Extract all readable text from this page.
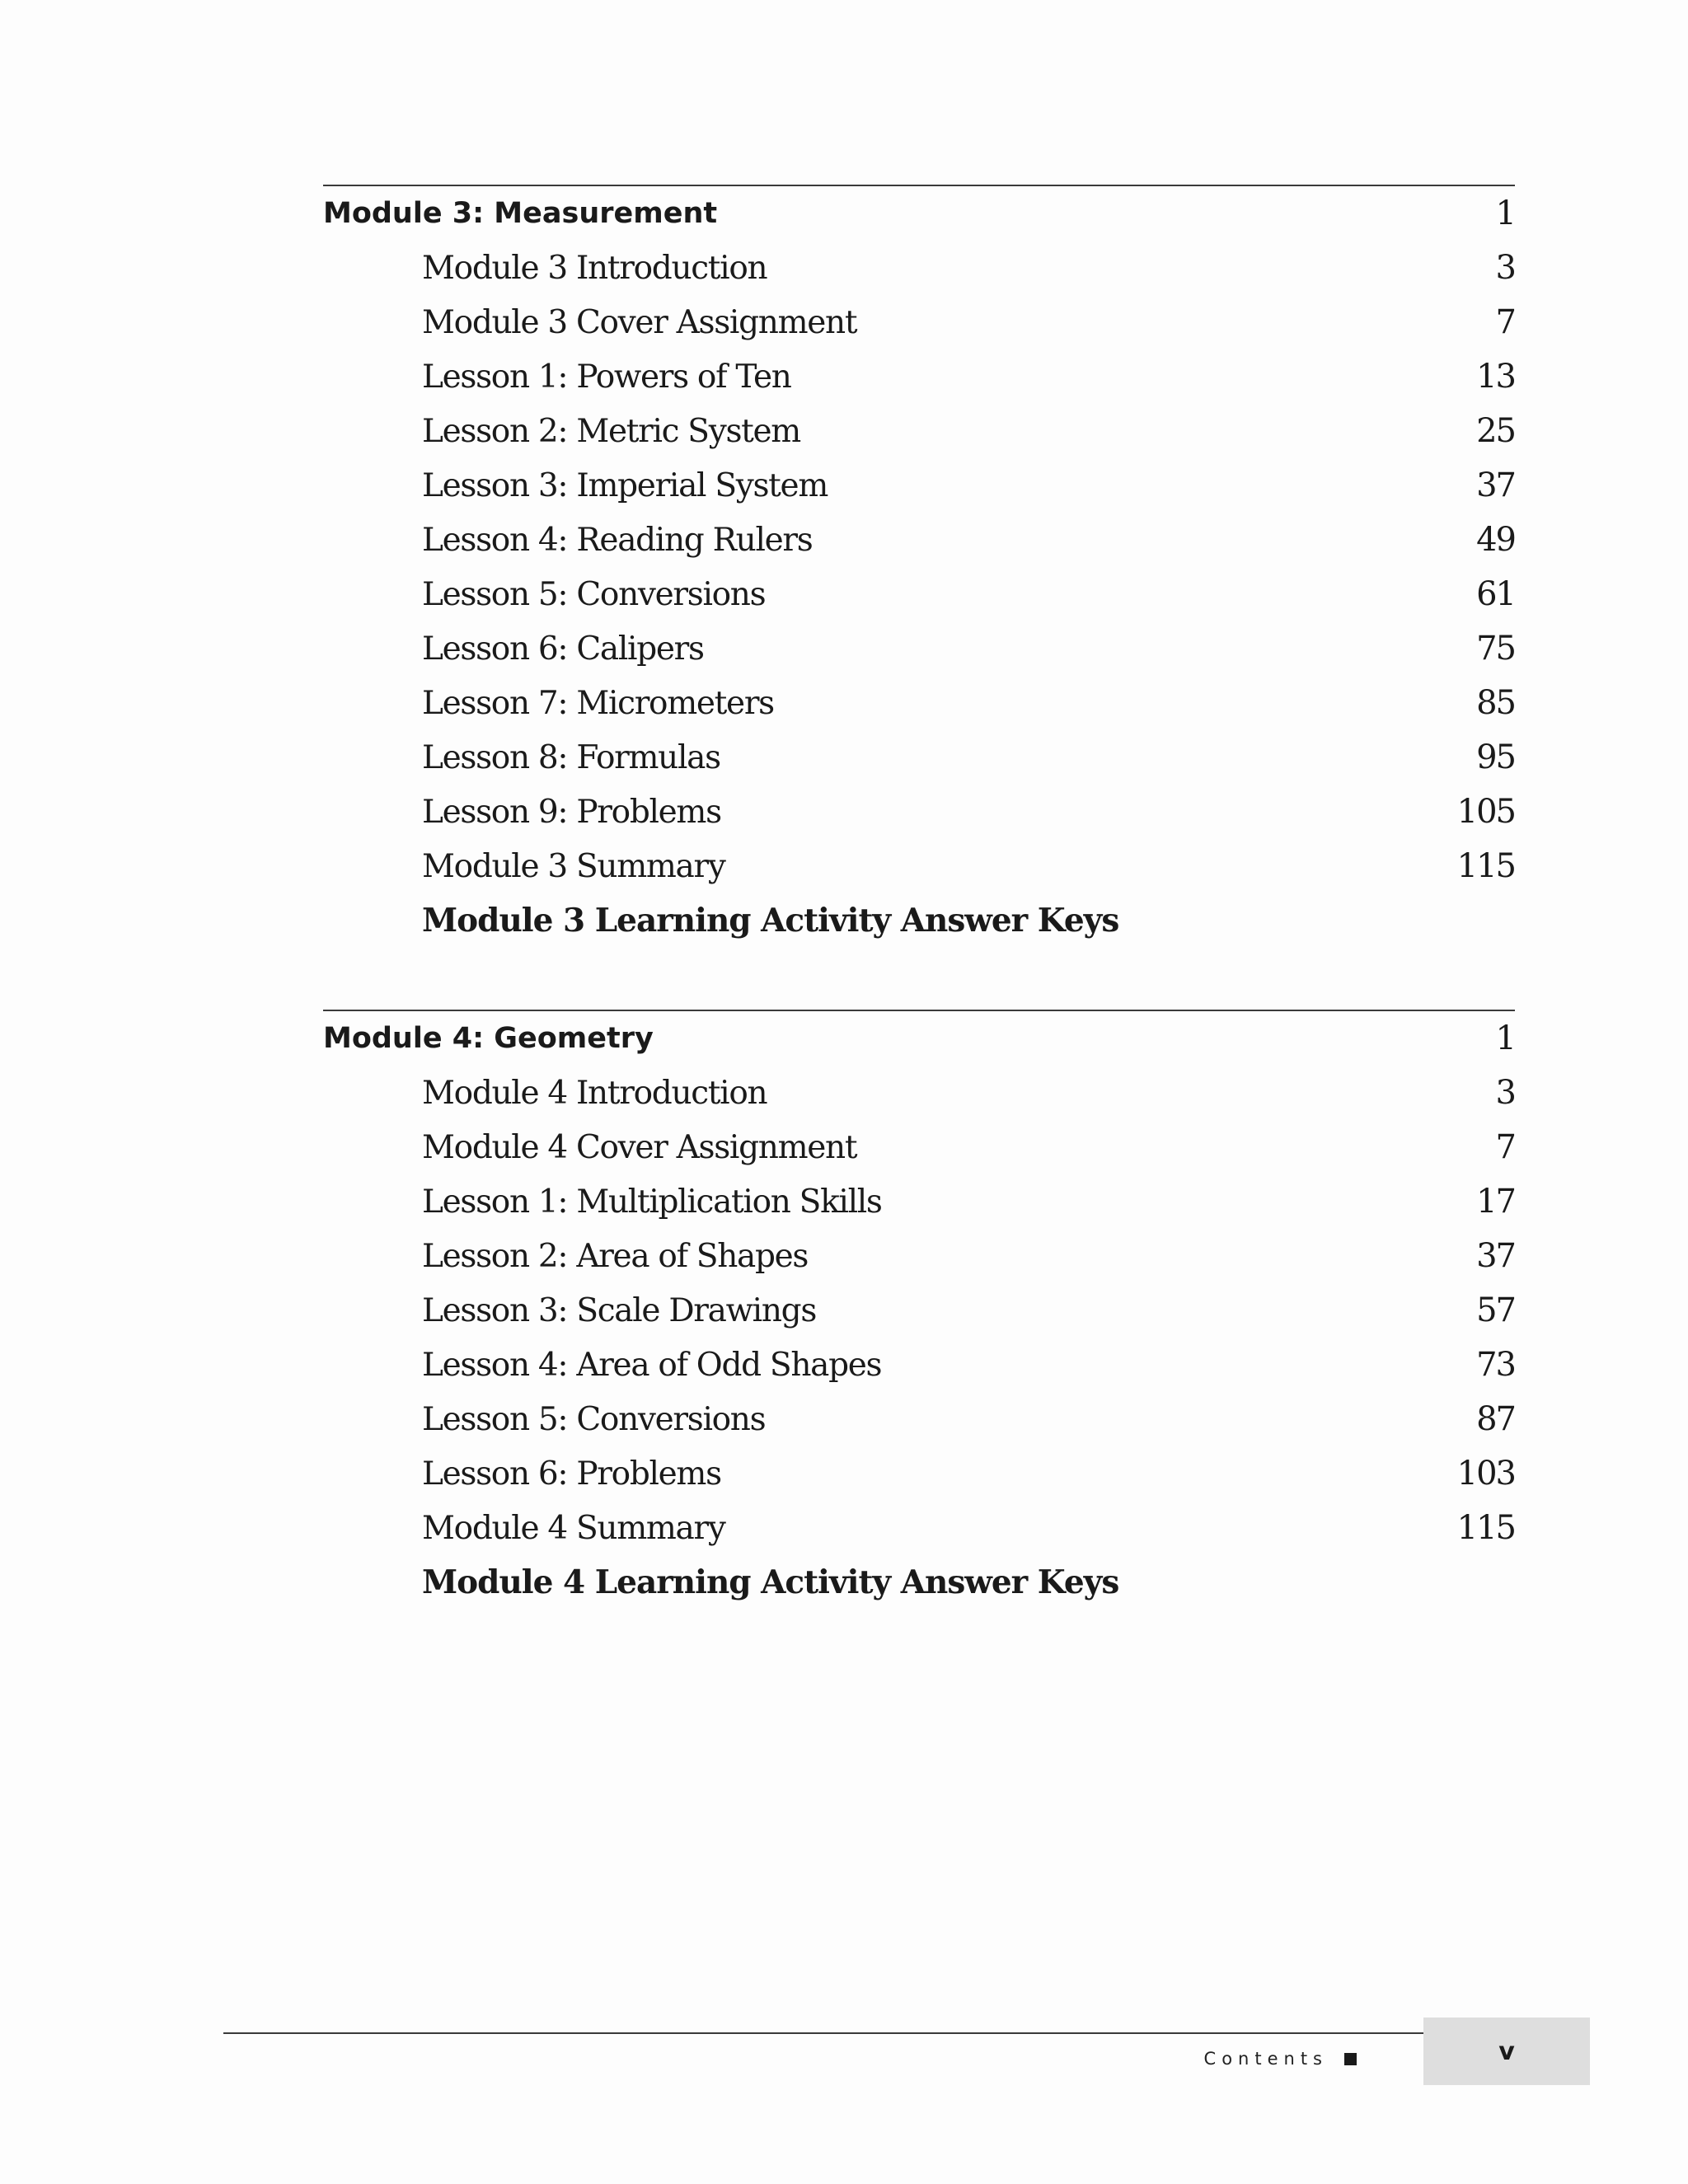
Module 3: Measurement	1
Module 3 Introduction	3
Module 3 Cover Assignment	7
Lesson 1: Powers of Ten	13
Lesson 2: Metric System	25
Lesson 3: Imperial System	37
Lesson 4: Reading Rulers	49
Lesson 5: Conversions	61
Lesson 6: Calipers	75
Lesson 7: Micrometers	85
Lesson 8: Formulas	95
Lesson 9: Problems	105
Module 3 Summary	115
Module 3 Learning Activity Answer Keys
Module 4: Geometry	1
Module 4 Introduction	3
Module 4 Cover Assignment	7
Lesson 1: Multiplication Skills	17
Lesson 2: Area of Shapes	37
Lesson 3: Scale Drawings	57
Lesson 4: Area of Odd Shapes	73
Lesson 5: Conversions	87
Lesson 6: Problems	103
Module 4 Summary	115
Module 4 Learning Activity Answer Keys
Contents	v
